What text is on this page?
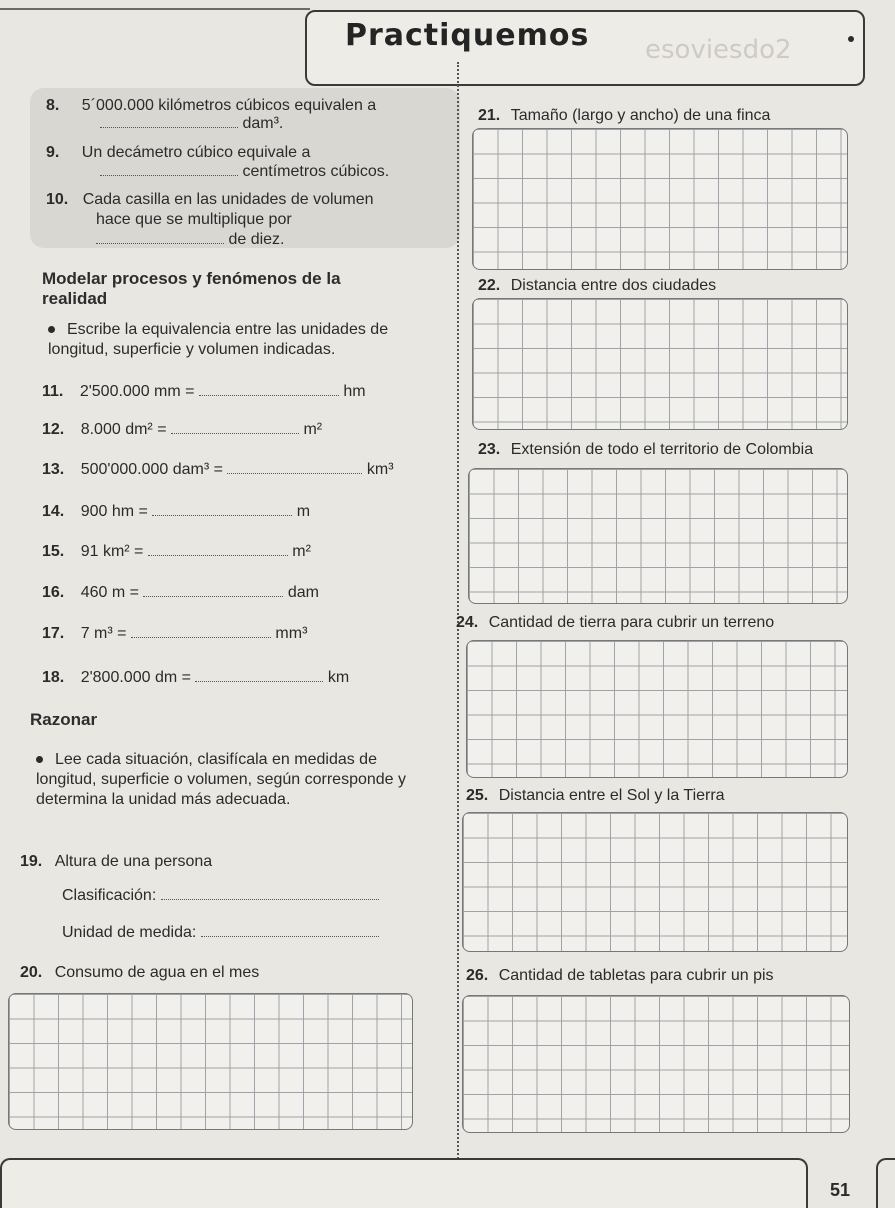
esoviesdo2
Practiquemos
8. 5´000.000 kilómetros cúbicos equivalen a
dam³.
9. Un decámetro cúbico equivale a
centímetros cúbicos.
10. Cada casilla en las unidades de volumen
hace que se multiplique por
de diez.
Modelar procesos y fenómenos de la realidad
Escribe la equivalencia entre las unidades de longitud, superficie y volumen indicadas.
11. 2'500.000 mm =	hm
12. 8.000 dm² =	m²
13. 500'000.000 dam³ =	km³
14. 900 hm =	m
15. 91 km² =	m²
16. 460 m =	dam
17. 7 m³ =	mm³
18. 2'800.000 dm =	km
Razonar
Lee cada situación, clasifícala en medidas de longitud, superficie o volumen, según corresponde y determina la unidad más adecuada.
19. Altura de una persona
Clasificación:
Unidad de medida:
20. Consumo de agua en el mes
21. Tamaño (largo y ancho) de una finca
22. Distancia entre dos ciudades
23. Extensión de todo el territorio de Colombia
24. Cantidad de tierra para cubrir un terreno
25. Distancia entre el Sol y la Tierra
26. Cantidad de tabletas para cubrir un pis
51
